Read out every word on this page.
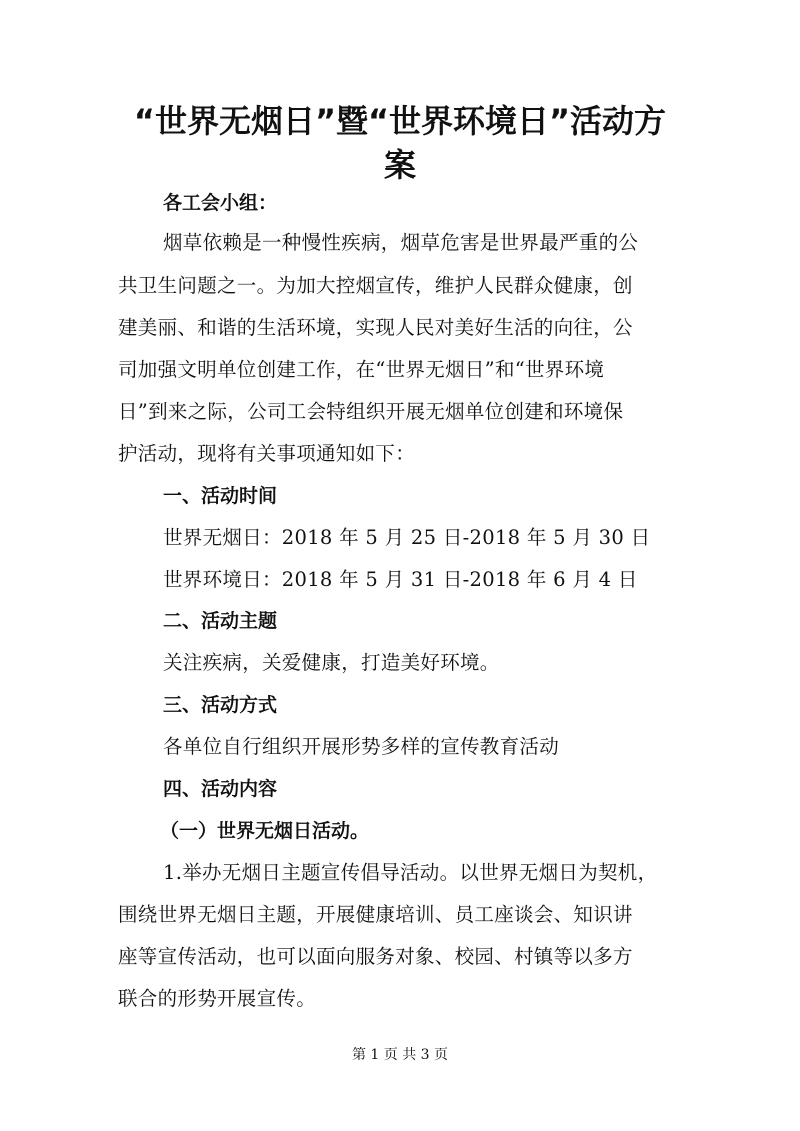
“世界无烟日”暨“世界环境日”活动方
案

各工会小组：

烟草依赖是一种慢性疾病，烟草危害是世界最严重的公

共卫生问题之一。为加大控烟宣传，维护人民群众健康，创

建美丽、和谐的生活环境，实现人民对美好生活的向往，公

司加强文明单位创建工作，在“世界无烟日”和“世界环境

日”到来之际，公司工会特组织开展无烟单位创建和环境保

护活动，现将有关事项通知如下：

一、活动时间

世界无烟日：2018 年 5 月 25 日-2018 年 5 月 30 日

世界环境日：2018 年 5 月 31 日-2018 年 6 月 4 日

二、活动主题

关注疾病，关爱健康，打造美好环境。

三、活动方式

各单位自行组织开展形势多样的宣传教育活动

四、活动内容

（一）世界无烟日活动。

1.举办无烟日主题宣传倡导活动。以世界无烟日为契机，

围绕世界无烟日主题，开展健康培训、员工座谈会、知识讲

座等宣传活动，也可以面向服务对象、校园、村镇等以多方

联合的形势开展宣传。

第 1 页 共 3 页
